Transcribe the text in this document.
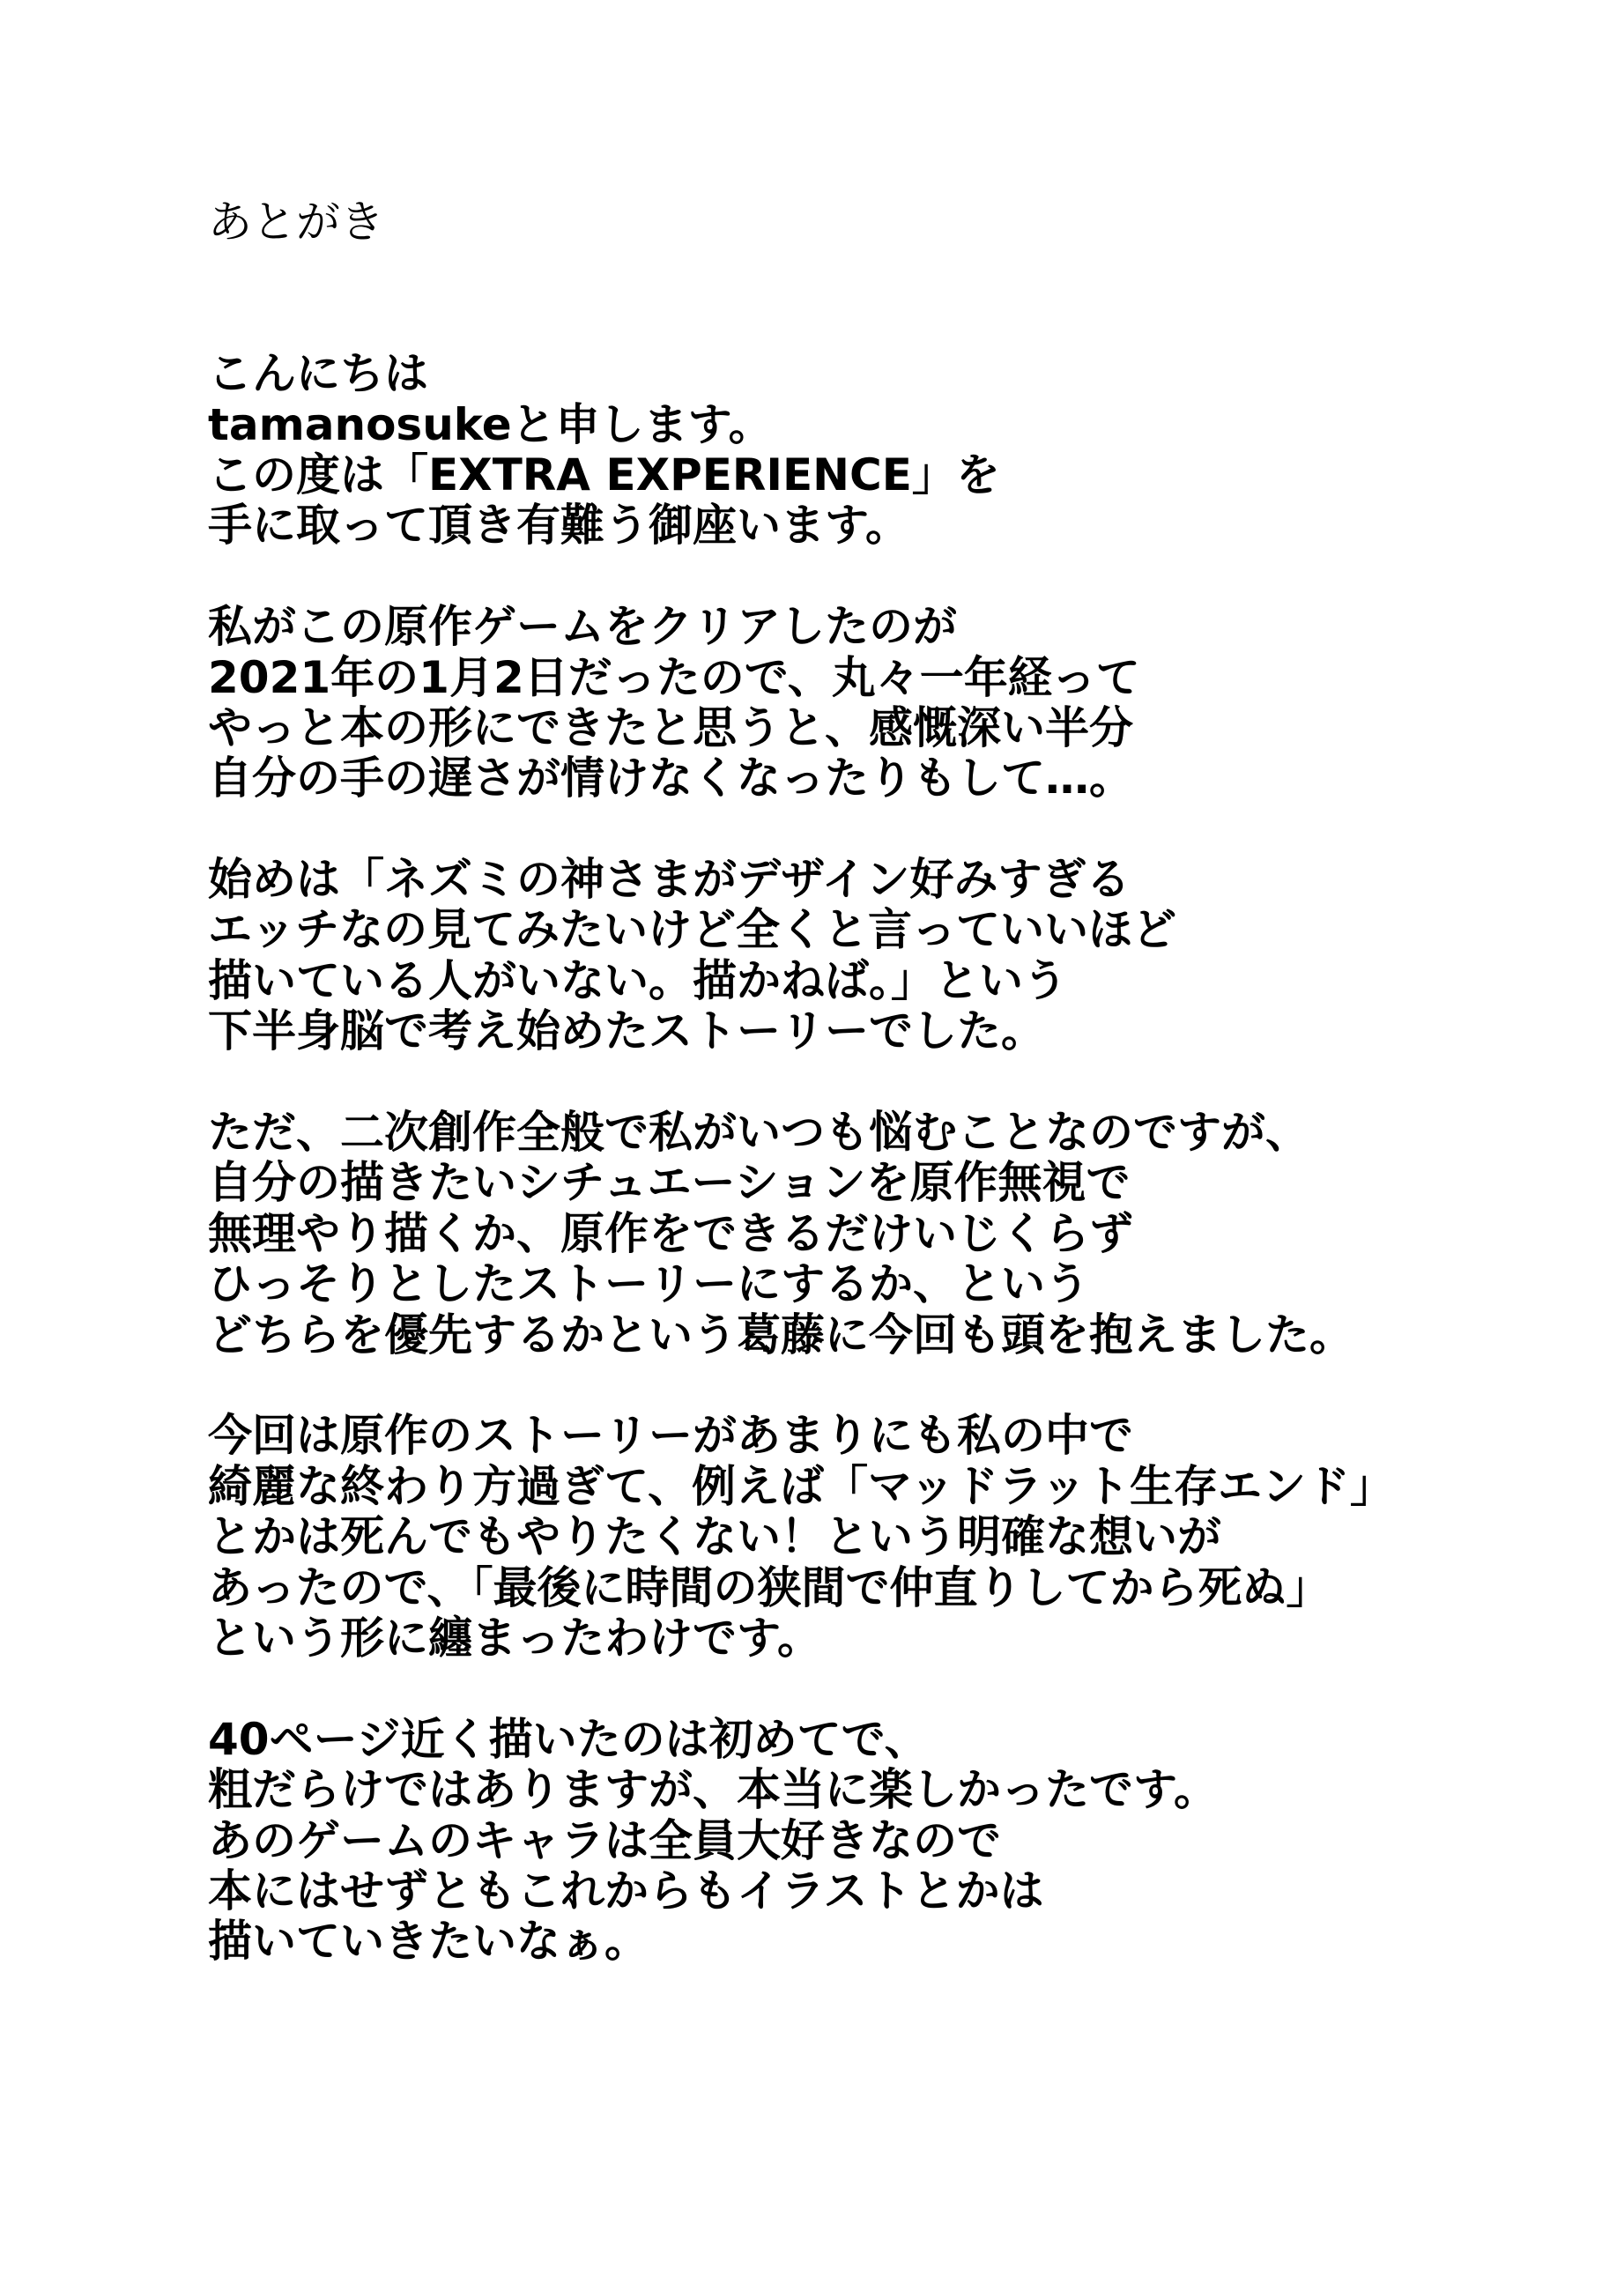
あとがき
こんにちは
tamanosukeと申します。
この度は「EXTRA EXPERIENCE」を
手に取って頂き有難う御座います。
私がこの原作ゲームをクリアしたのが
2021年の1月2日だったので、丸々一年経って
やっと本の形にできたと思うと、感慨深い半分
自分の手の遅さが情けなくなったりもして…。
始めは「ネズミの神さまがデザイン好みすぎる
エッチなの見てみたいけど全くと言っていいほど
描いている人がいない。描かねば。」という
下半身脳で考え始めたストーリーでした。
ただ、二次創作全般で私がいつも悩むことなのですが、
自分の描きたいシチュエーションを原作無視で
無理やり描くか、原作をできるだけいじくらず
ひっそりとしたストーリーにするか、という
どちらを優先するかという葛藤に今回も頭を抱えました。
今回は原作のストーリーがあまりにも私の中で
綺麗な終わり方過ぎて、例えば「マッドラット生存エンド」
とかは死んでもやりたくない！という明確な想いが
あったので、「最後に時間の狭間で仲直りしてから死ぬ」
という形に纏まったわけです。
40ページ近く描いたのは初めてで、
粗だらけではありますが、本当に楽しかったです。
あのゲームのキャラは全員大好きなので
本にはせずともこれからもイラストとかは
描いていきたいなぁ。
